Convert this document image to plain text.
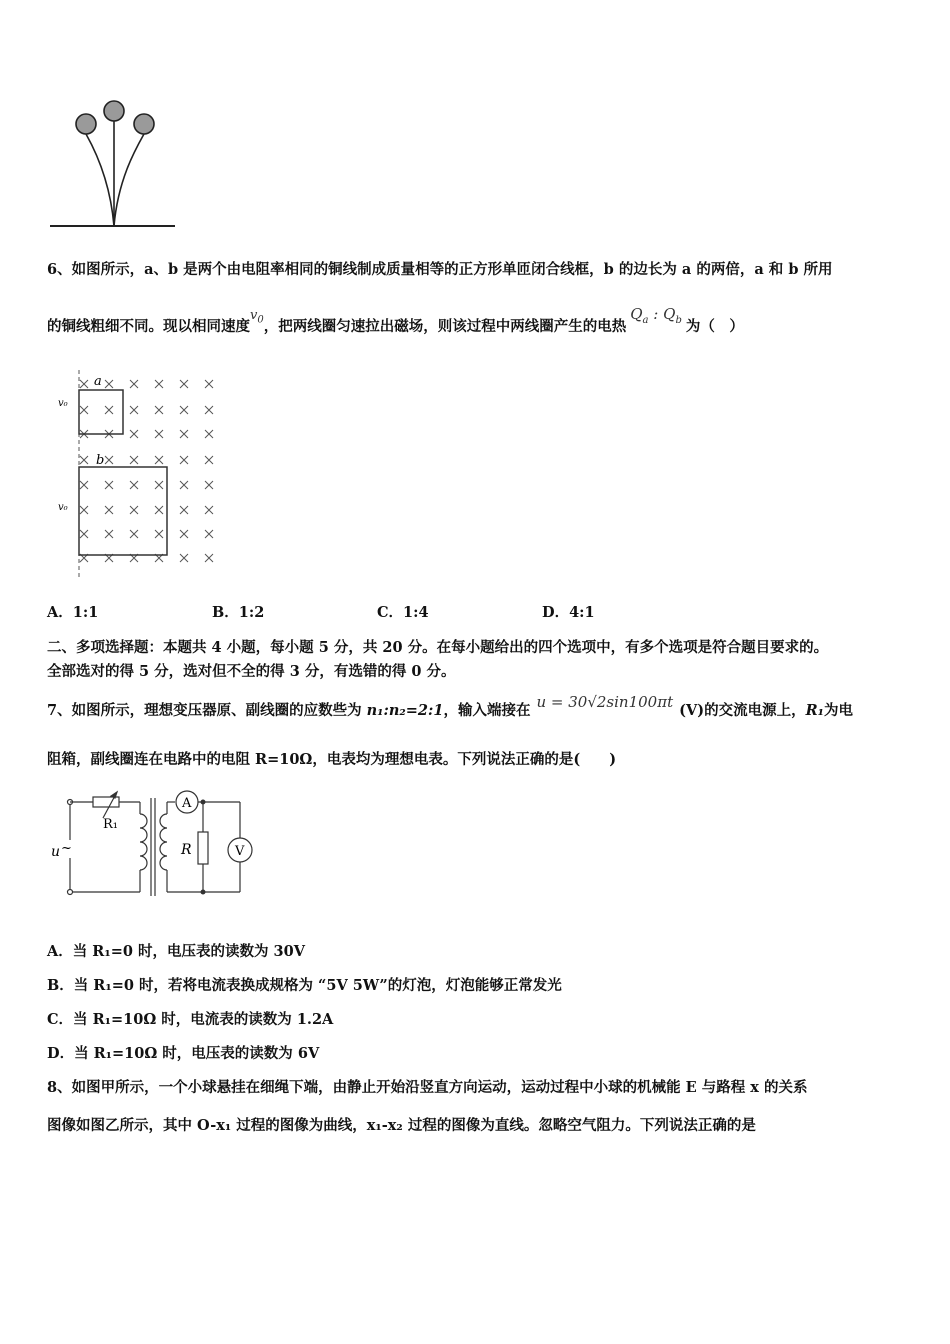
6、如图所示，a、b 是两个由电阻率相同的铜线制成质量相等的正方形单匝闭合线框，b 的边长为 a 的两倍，a 和 b 所用
的铜线粗细不同。现以相同速度$v_0$，把两线圈匀速拉出磁场，则该过程中两线圈产生的电热$Q_a$ : $Q_b$ 为（　）
a
b
v₀
v₀
A．1:1	B．1:2	C．1:4	D．4:1
二、多项选择题：本题共 4 小题，每小题 5 分，共 20 分。在每小题给出的四个选项中，有多个选项是符合题目要求的。
全部选对的得 5 分，选对但不全的得 3 分，有选错的得 0 分。
7、如图所示，理想变压器原、副线圈的应数些为 n₁:n₂=2:1，输入端接在 u = 30√2sin100πt (V)的交流电源上，R₁为电
阻箱，副线圈连在电路中的电阻 R=10Ω，电表均为理想电表。下列说法正确的是(　　)
R₁
u ~	R
A
V
A．当 R₁=0 时，电压表的读数为 30V
B．当 R₁=0 时，若将电流表换成规格为 “5V 5W”的灯泡，灯泡能够正常发光
C．当 R₁=10Ω 时，电流表的读数为 1.2A
D．当 R₁=10Ω 时，电压表的读数为 6V
8、如图甲所示，一个小球悬挂在细绳下端，由静止开始沿竖直方向运动，运动过程中小球的机械能 E 与路程 x 的关系
图像如图乙所示，其中 O-x₁ 过程的图像为曲线，x₁-x₂ 过程的图像为直线。忽略空气阻力。下列说法正确的是
